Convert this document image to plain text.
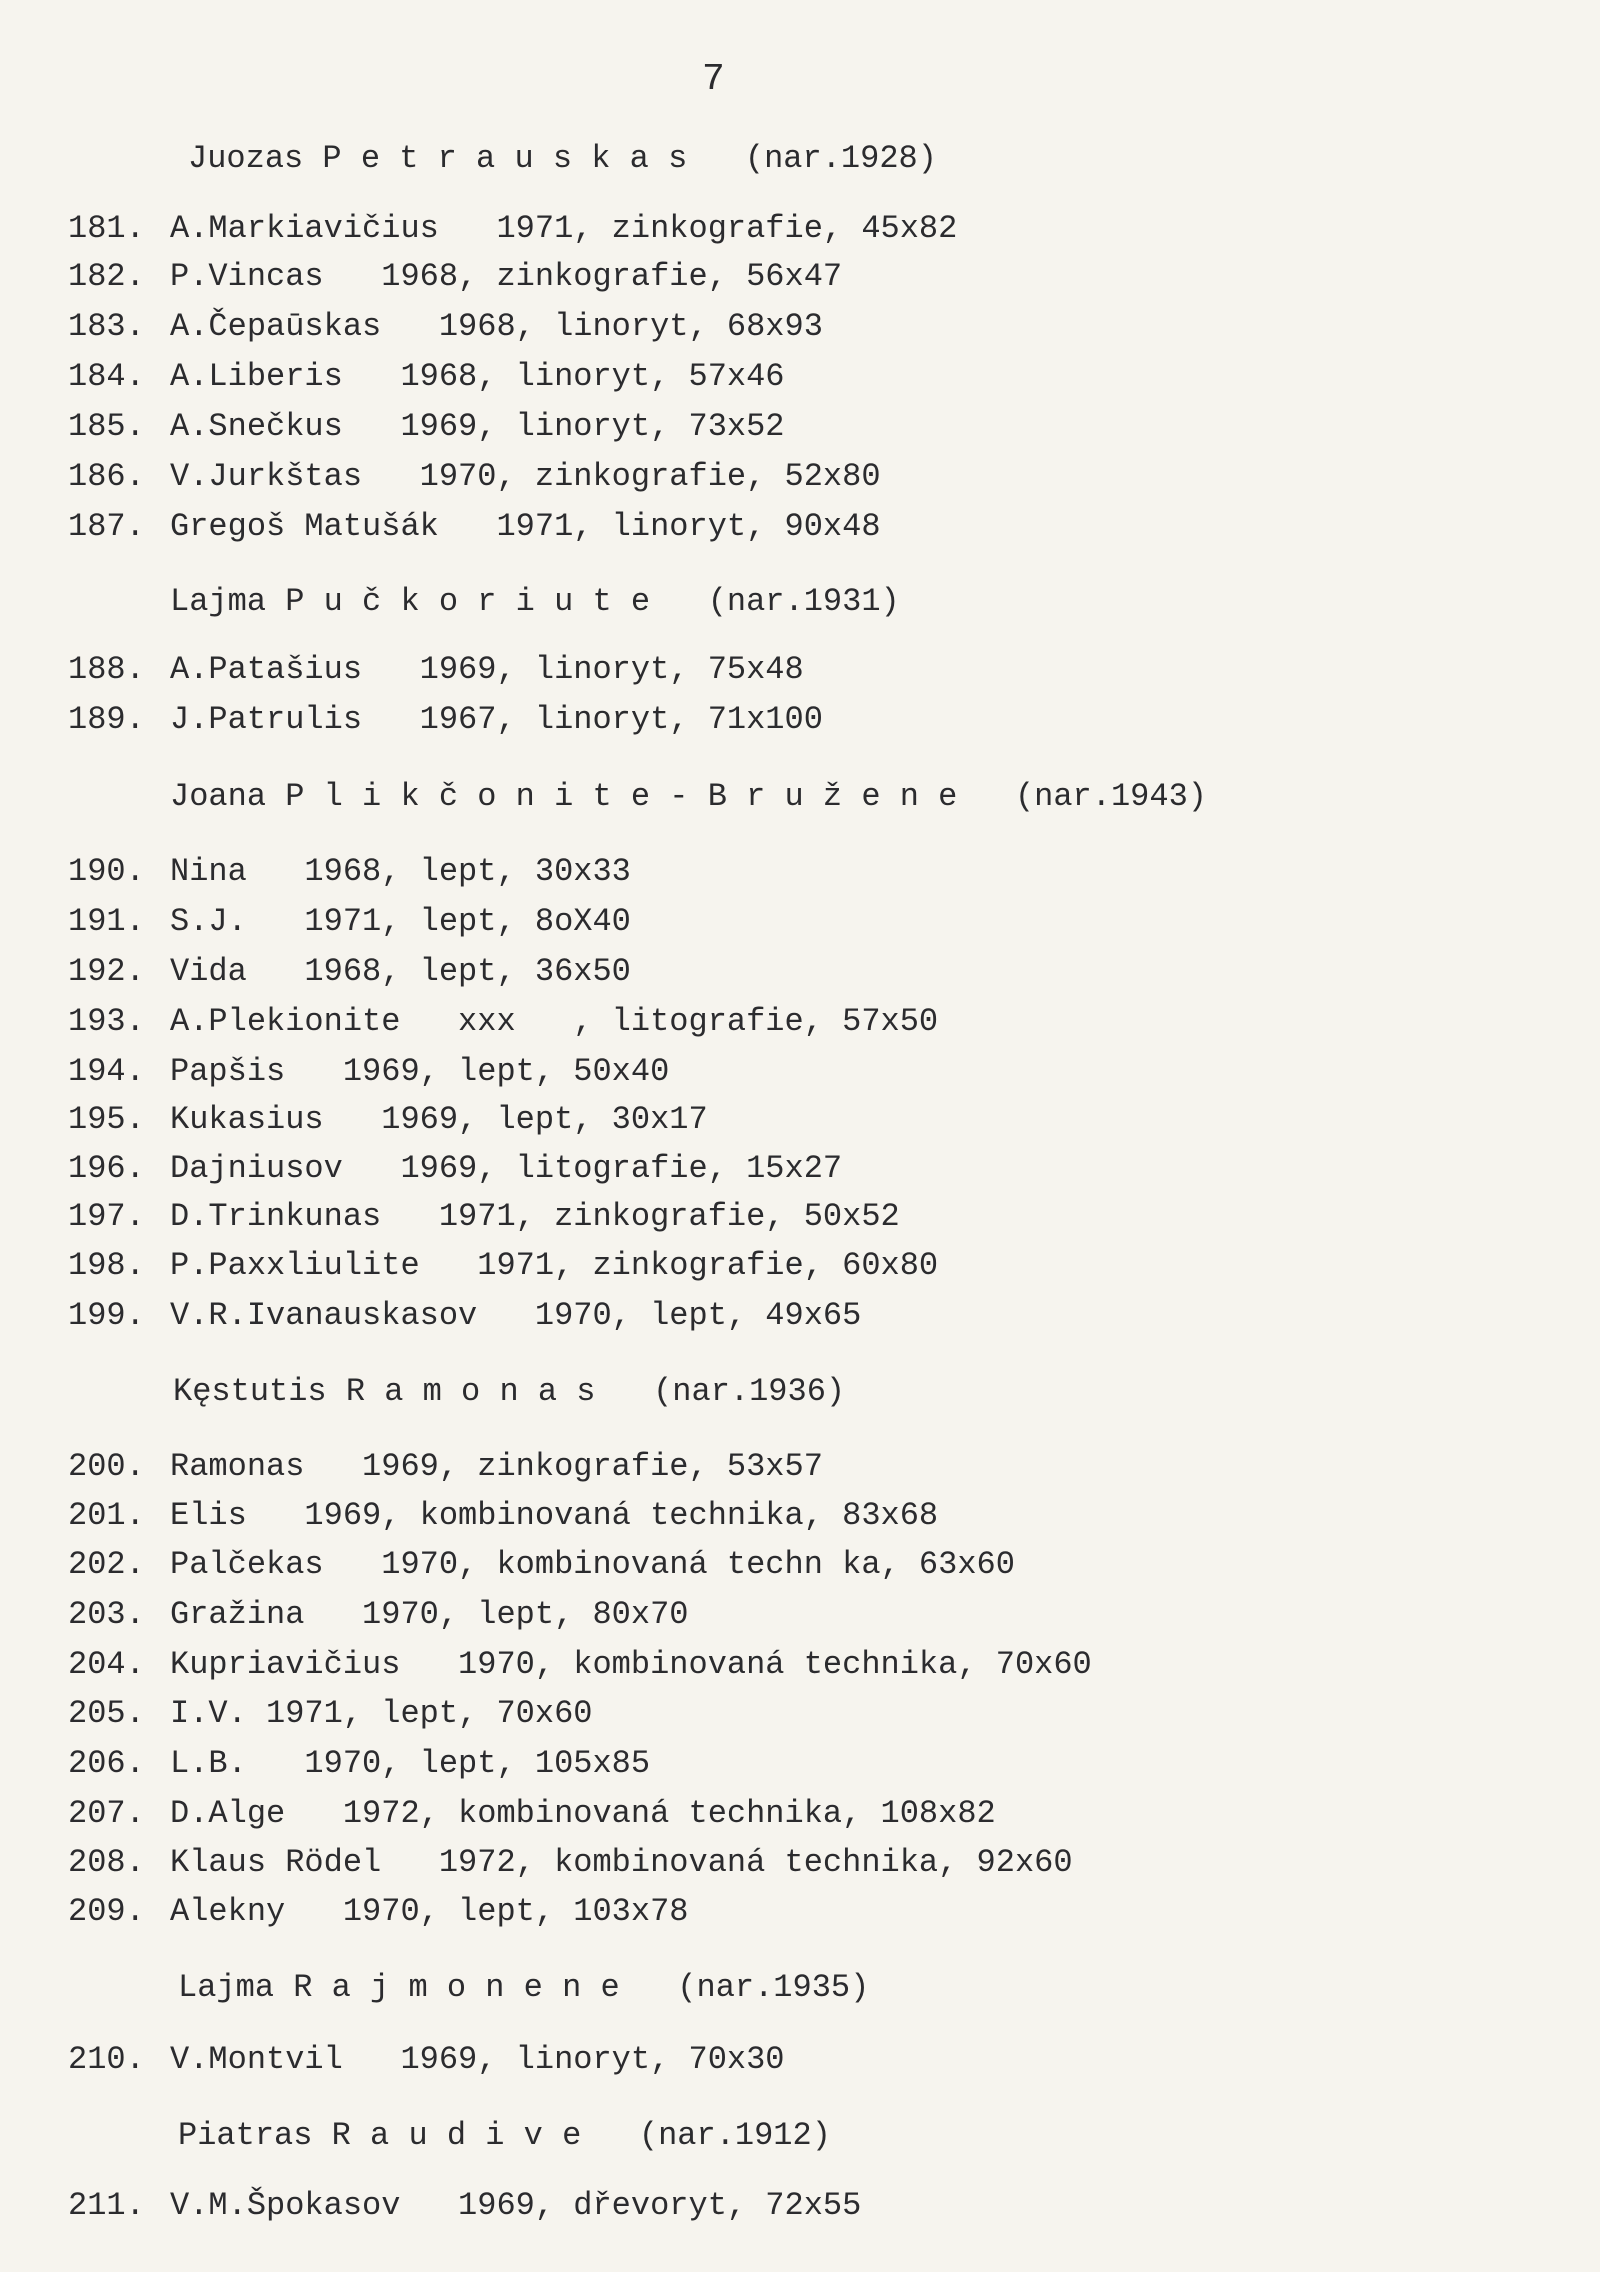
7
Juozas P e t r a u s k a s   (nar.1928)
181. A.Markiavičius   1971, zinkografie, 45x82
182. P.Vincas   1968, zinkografie, 56x47
183. A.Čepaūskas   1968, linoryt, 68x93
184. A.Liberis   1968, linoryt, 57x46
185. A.Snečkus   1969, linoryt, 73x52
186. V.Jurkštas   1970, zinkografie, 52x80
187. Gregoš Matušák   1971, linoryt, 90x48
Lajma P u č k o r i u t e   (nar.1931)
188. A.Patašius   1969, linoryt, 75x48
189. J.Patrulis   1967, linoryt, 71x100
Joana P l i k č o n i t e - B r u ž e n e   (nar.1943)
190. Nina   1968, lept, 30x33
191. S.J.   1971, lept, 8oX40
192. Vida   1968, lept, 36x50
193. A.Plekionite   xxx   , litografie, 57x50
194. Papšis   1969, lept, 50x40
195. Kukasius   1969, lept, 30x17
196. Dajniusov   1969, litografie, 15x27
197. D.Trinkunas   1971, zinkografie, 50x52
198. P.Paxxliulite   1971, zinkografie, 60x80
199. V.R.Ivanauskasov   1970, lept, 49x65
Kęstutis R a m o n a s   (nar.1936)
200. Ramonas   1969, zinkografie, 53x57
201. Elis   1969, kombinovaná technika, 83x68
202. Palčekas   1970, kombinovaná techn ka, 63x60
203. Gražina   1970, lept, 80x70
204. Kupriavičius   1970, kombinovaná technika, 70x60
205. I.V. 1971, lept, 70x60
206. L.B.   1970, lept, 105x85
207. D.Alge   1972, kombinovaná technika, 108x82
208. Klaus Rödel   1972, kombinovaná technika, 92x60
209. Alekny   1970, lept, 103x78
Lajma R a j m o n e n e   (nar.1935)
210. V.Montvil   1969, linoryt, 70x30
Piatras R a u d i v e   (nar.1912)
211. V.M.Špokasov   1969, dřevoryt, 72x55
